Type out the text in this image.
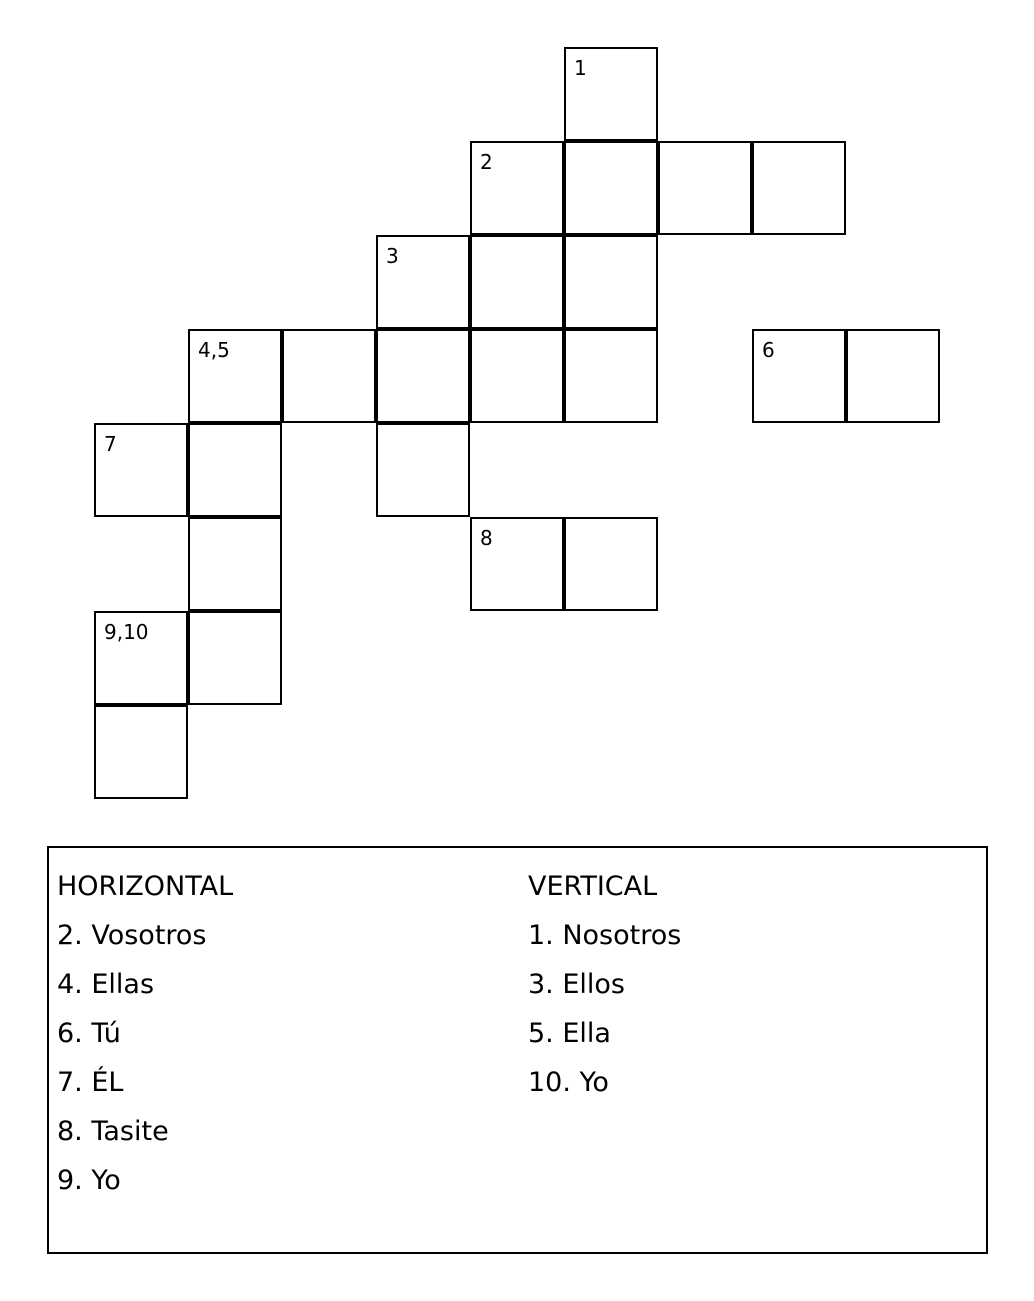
1
2
3
4,5	6
7
8
9,10
HORIZONTAL
2. Vosotros
4. Ellas
6. Tú
7. ÉL
8. Tasite
9. Yo
VERTICAL
1. Nosotros
3. Ellos
5. Ella
10. Yo
